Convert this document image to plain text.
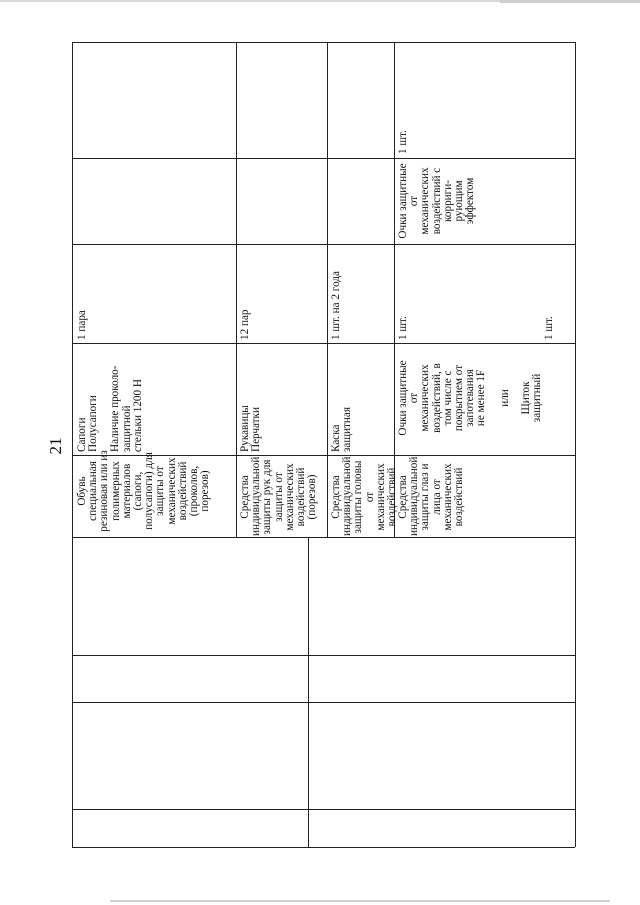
21
Обувь специальная резиновая или из полимерных материалов (сапоги, полусапоги) для защиты от механических воздействий (проколов, порезов)
Сапоги Полусапоги Наличие проколо- защитной стельки 1200 Н
1 пара
Средства индивидуальной защиты рук для защиты от механических воздействий (порезов)
Рукавицы Перчатки
12 пар
Средства индивидуальной защиты головы от механических воздействий
Каска защитная
1 шт. на 2 года
Средства индивидуальной защиты глаз и лица от механических воздействий
Очки защитные от механических воздействий, в том числе с покрытием от запотевания не менее 1F или Щиток защитный
1 шт.	1 шт.
Очки защитные от механических воздействий с корриги-рующим эффектом
1 шт.
